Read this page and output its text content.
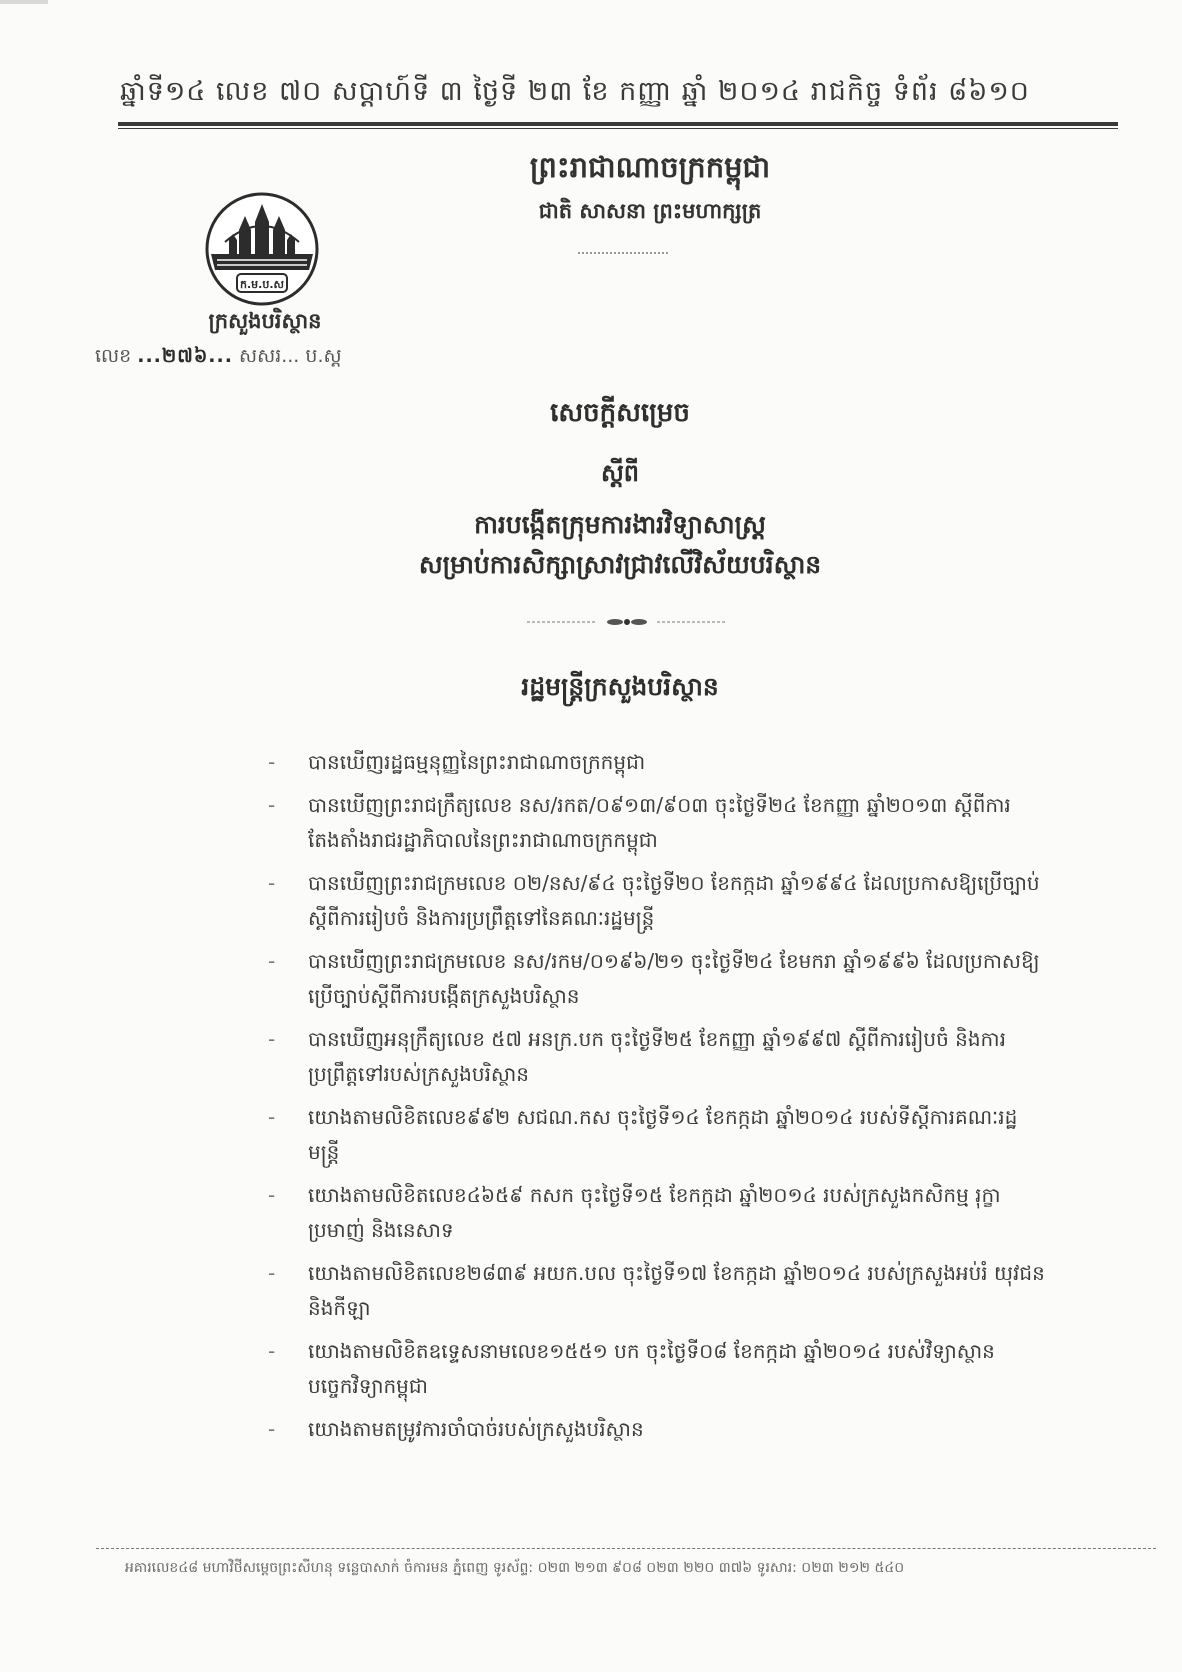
ឆ្នាំទី១៤ លេខ ៧០ សប្តាហ៍ទី ៣ ថ្ងៃទី ២៣ ខែ កញ្ញា ឆ្នាំ ២០១៤ រាជកិច្ច ទំព័រ ៨៦១០
ព្រះរាជាណាចក្រកម្ពុជា
ជាតិ សាសនា ព្រះមហាក្សត្រ
ក.ម.ប.ស
ក្រសួងបរិស្ថាន
លេខ ...២៧៦... សសរ... ប.ស្ត
សេចក្តីសម្រេច
ស្តីពី
ការបង្កើតក្រុមការងារវិទ្យាសាស្ត្រ
សម្រាប់ការសិក្សាស្រាវជ្រាវលើវិស័យបរិស្ថាន
រដ្ឋមន្ត្រីក្រសួងបរិស្ថាន
- បានឃើញរដ្ឋធម្មនុញ្ញនៃព្រះរាជាណាចក្រកម្ពុជា
- បានឃើញព្រះរាជក្រឹត្យលេខ នស/រកត/០៩១៣/៩០៣ ចុះថ្ងៃទី២៤ ខែកញ្ញា ឆ្នាំ២០១៣ ស្តីពីការតែងតាំងរាជរដ្ឋាភិបាលនៃព្រះរាជាណាចក្រកម្ពុជា
- បានឃើញព្រះរាជក្រមលេខ ០២/នស/៩៤ ចុះថ្ងៃទី២០ ខែកក្កដា ឆ្នាំ១៩៩៤ ដែលប្រកាសឱ្យប្រើច្បាប់ស្តីពីការរៀបចំ និងការប្រព្រឹត្តទៅនៃគណៈរដ្ឋមន្ត្រី
- បានឃើញព្រះរាជក្រមលេខ នស/រកម/០១៩៦/២១ ចុះថ្ងៃទី២៤ ខែមករា ឆ្នាំ១៩៩៦ ដែលប្រកាសឱ្យប្រើច្បាប់ស្តីពីការបង្កើតក្រសួងបរិស្ថាន
- បានឃើញអនុក្រឹត្យលេខ ៥៧ អនក្រ.បក ចុះថ្ងៃទី២៥ ខែកញ្ញា ឆ្នាំ១៩៩៧ ស្តីពីការរៀបចំ និងការប្រព្រឹត្តទៅរបស់ក្រសួងបរិស្ថាន
- យោងតាមលិខិតលេខ៩៩២ សជណ.កស ចុះថ្ងៃទី១៤ ខែកក្កដា ឆ្នាំ២០១៤ របស់ទីស្តីការគណៈរដ្ឋមន្ត្រី
- យោងតាមលិខិតលេខ៤៦៥៩ កសក ចុះថ្ងៃទី១៥ ខែកក្កដា ឆ្នាំ២០១៤ របស់ក្រសួងកសិកម្ម រុក្ខាប្រមាញ់ និងនេសាទ
- យោងតាមលិខិតលេខ២៨៣៩ អយក.បល ចុះថ្ងៃទី១៧ ខែកក្កដា ឆ្នាំ២០១៤ របស់ក្រសួងអប់រំ យុវជន និងកីឡា
- យោងតាមលិខិតឧទ្ទេសនាមលេខ១៥៥១ បក ចុះថ្ងៃទី០៨ ខែកក្កដា ឆ្នាំ២០១៤ របស់វិទ្យាស្ថានបច្ចេកវិទ្យាកម្ពុជា
- យោងតាមតម្រូវការចាំបាច់របស់ក្រសួងបរិស្ថាន
អគារលេខ៤៨ មហាវិថីសម្តេចព្រះសីហនុ ទន្លេបាសាក់ ចំការមន ភ្នំពេញ ទូរស័ព្ទ: ០២៣ ២១៣ ៩០៨ ០២៣ ២២០ ៣៧៦ ទូរសារ: ០២៣ ២១២ ៥៤០
